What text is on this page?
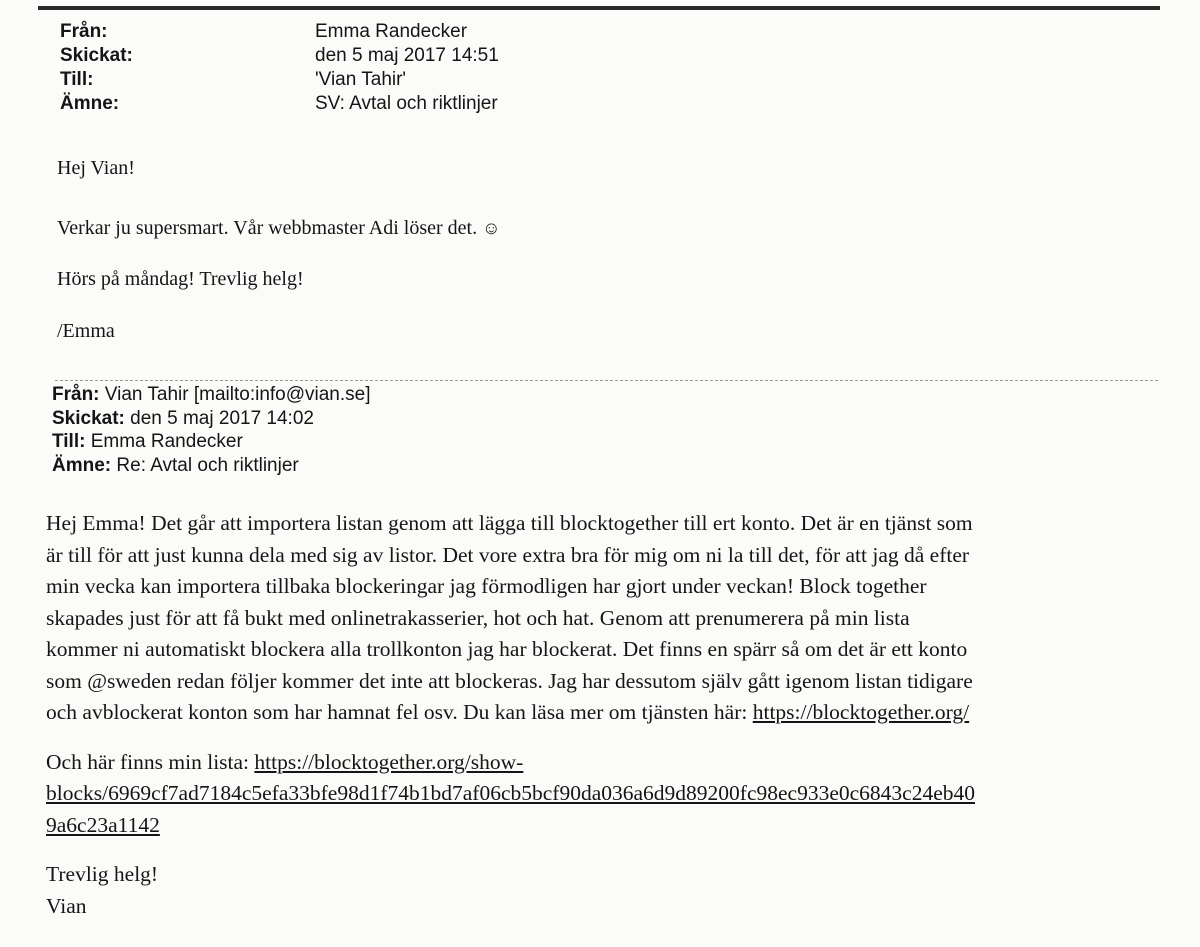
Från:	Emma Randecker
Skickat:	den 5 maj 2017 14:51
Till:	'Vian Tahir'
Ämne:	SV: Avtal och riktlinjer
Hej Vian!
Verkar ju supersmart. Vår webbmaster Adi löser det. ☺
Hörs på måndag! Trevlig helg!
/Emma
Från: Vian Tahir [mailto:info@vian.se]
Skickat: den 5 maj 2017 14:02
Till: Emma Randecker
Ämne: Re: Avtal och riktlinjer

Hej Emma! Det går att importera listan genom att lägga till blocktogether till ert konto. Det är en tjänst som

är till för att just kunna dela med sig av listor. Det vore extra bra för mig om ni la till det, för att jag då efter

min vecka kan importera tillbaka blockeringar jag förmodligen har gjort under veckan! Block together

skapades just för att få bukt med onlinetrakasserier, hot och hat. Genom att prenumerera på min lista

kommer ni automatiskt blockera alla trollkonton jag har blockerat. Det finns en spärr så om det är ett konto

som @sweden redan följer kommer det inte att blockeras. Jag har dessutom själv gått igenom listan tidigare

och avblockerat konton som har hamnat fel osv. Du kan läsa mer om tjänsten här: https://blocktogether.org/

Och här finns min lista: https://blocktogether.org/show-

blocks/6969cf7ad7184c5efa33bfe98d1f74b1bd7af06cb5bcf90da036a6d9d89200fc98ec933e0c6843c24eb40

9a6c23a1142

Trevlig helg!

Vian
